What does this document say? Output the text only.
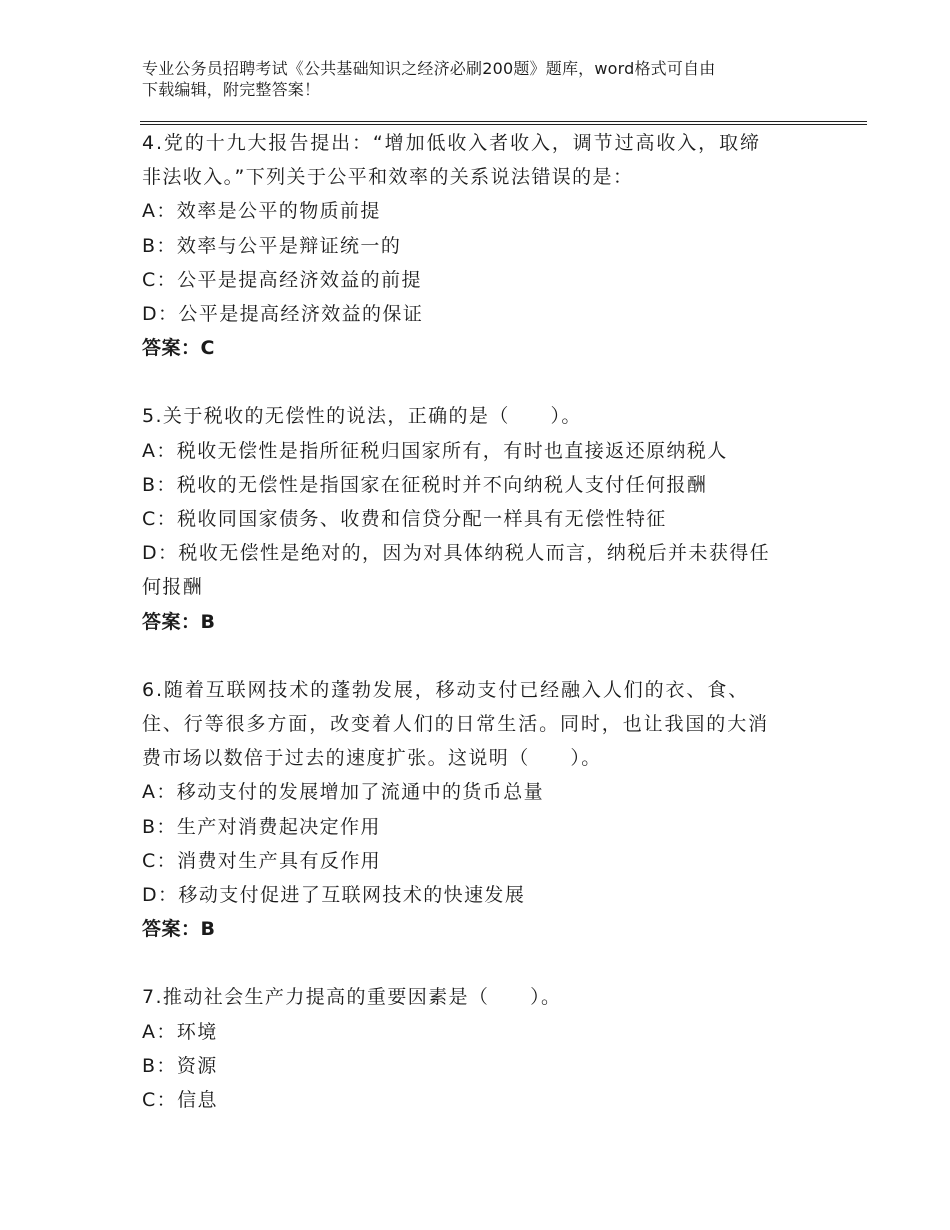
专业公务员招聘考试《公共基础知识之经济必刷200题》题库，word格式可自由
下载编辑，附完整答案！
4.党的十九大报告提出：“增加低收入者收入，调节过高收入，取缔
非法收入。”下列关于公平和效率的关系说法错误的是：
A：效率是公平的物质前提
B：效率与公平是辩证统一的
C：公平是提高经济效益的前提
D：公平是提高经济效益的保证
答案：C
5.关于税收的无偿性的说法，正确的是（　　）。
A：税收无偿性是指所征税归国家所有，有时也直接返还原纳税人
B：税收的无偿性是指国家在征税时并不向纳税人支付任何报酬
C：税收同国家债务、收费和信贷分配一样具有无偿性特征
D：税收无偿性是绝对的，因为对具体纳税人而言，纳税后并未获得任
何报酬
答案：B
6.随着互联网技术的蓬勃发展，移动支付已经融入人们的衣、食、
住、行等很多方面，改变着人们的日常生活。同时，也让我国的大消
费市场以数倍于过去的速度扩张。这说明（　　）。
A：移动支付的发展增加了流通中的货币总量
B：生产对消费起决定作用
C：消费对生产具有反作用
D：移动支付促进了互联网技术的快速发展
答案：B
7.推动社会生产力提高的重要因素是（　　）。
A：环境
B：资源
C：信息
